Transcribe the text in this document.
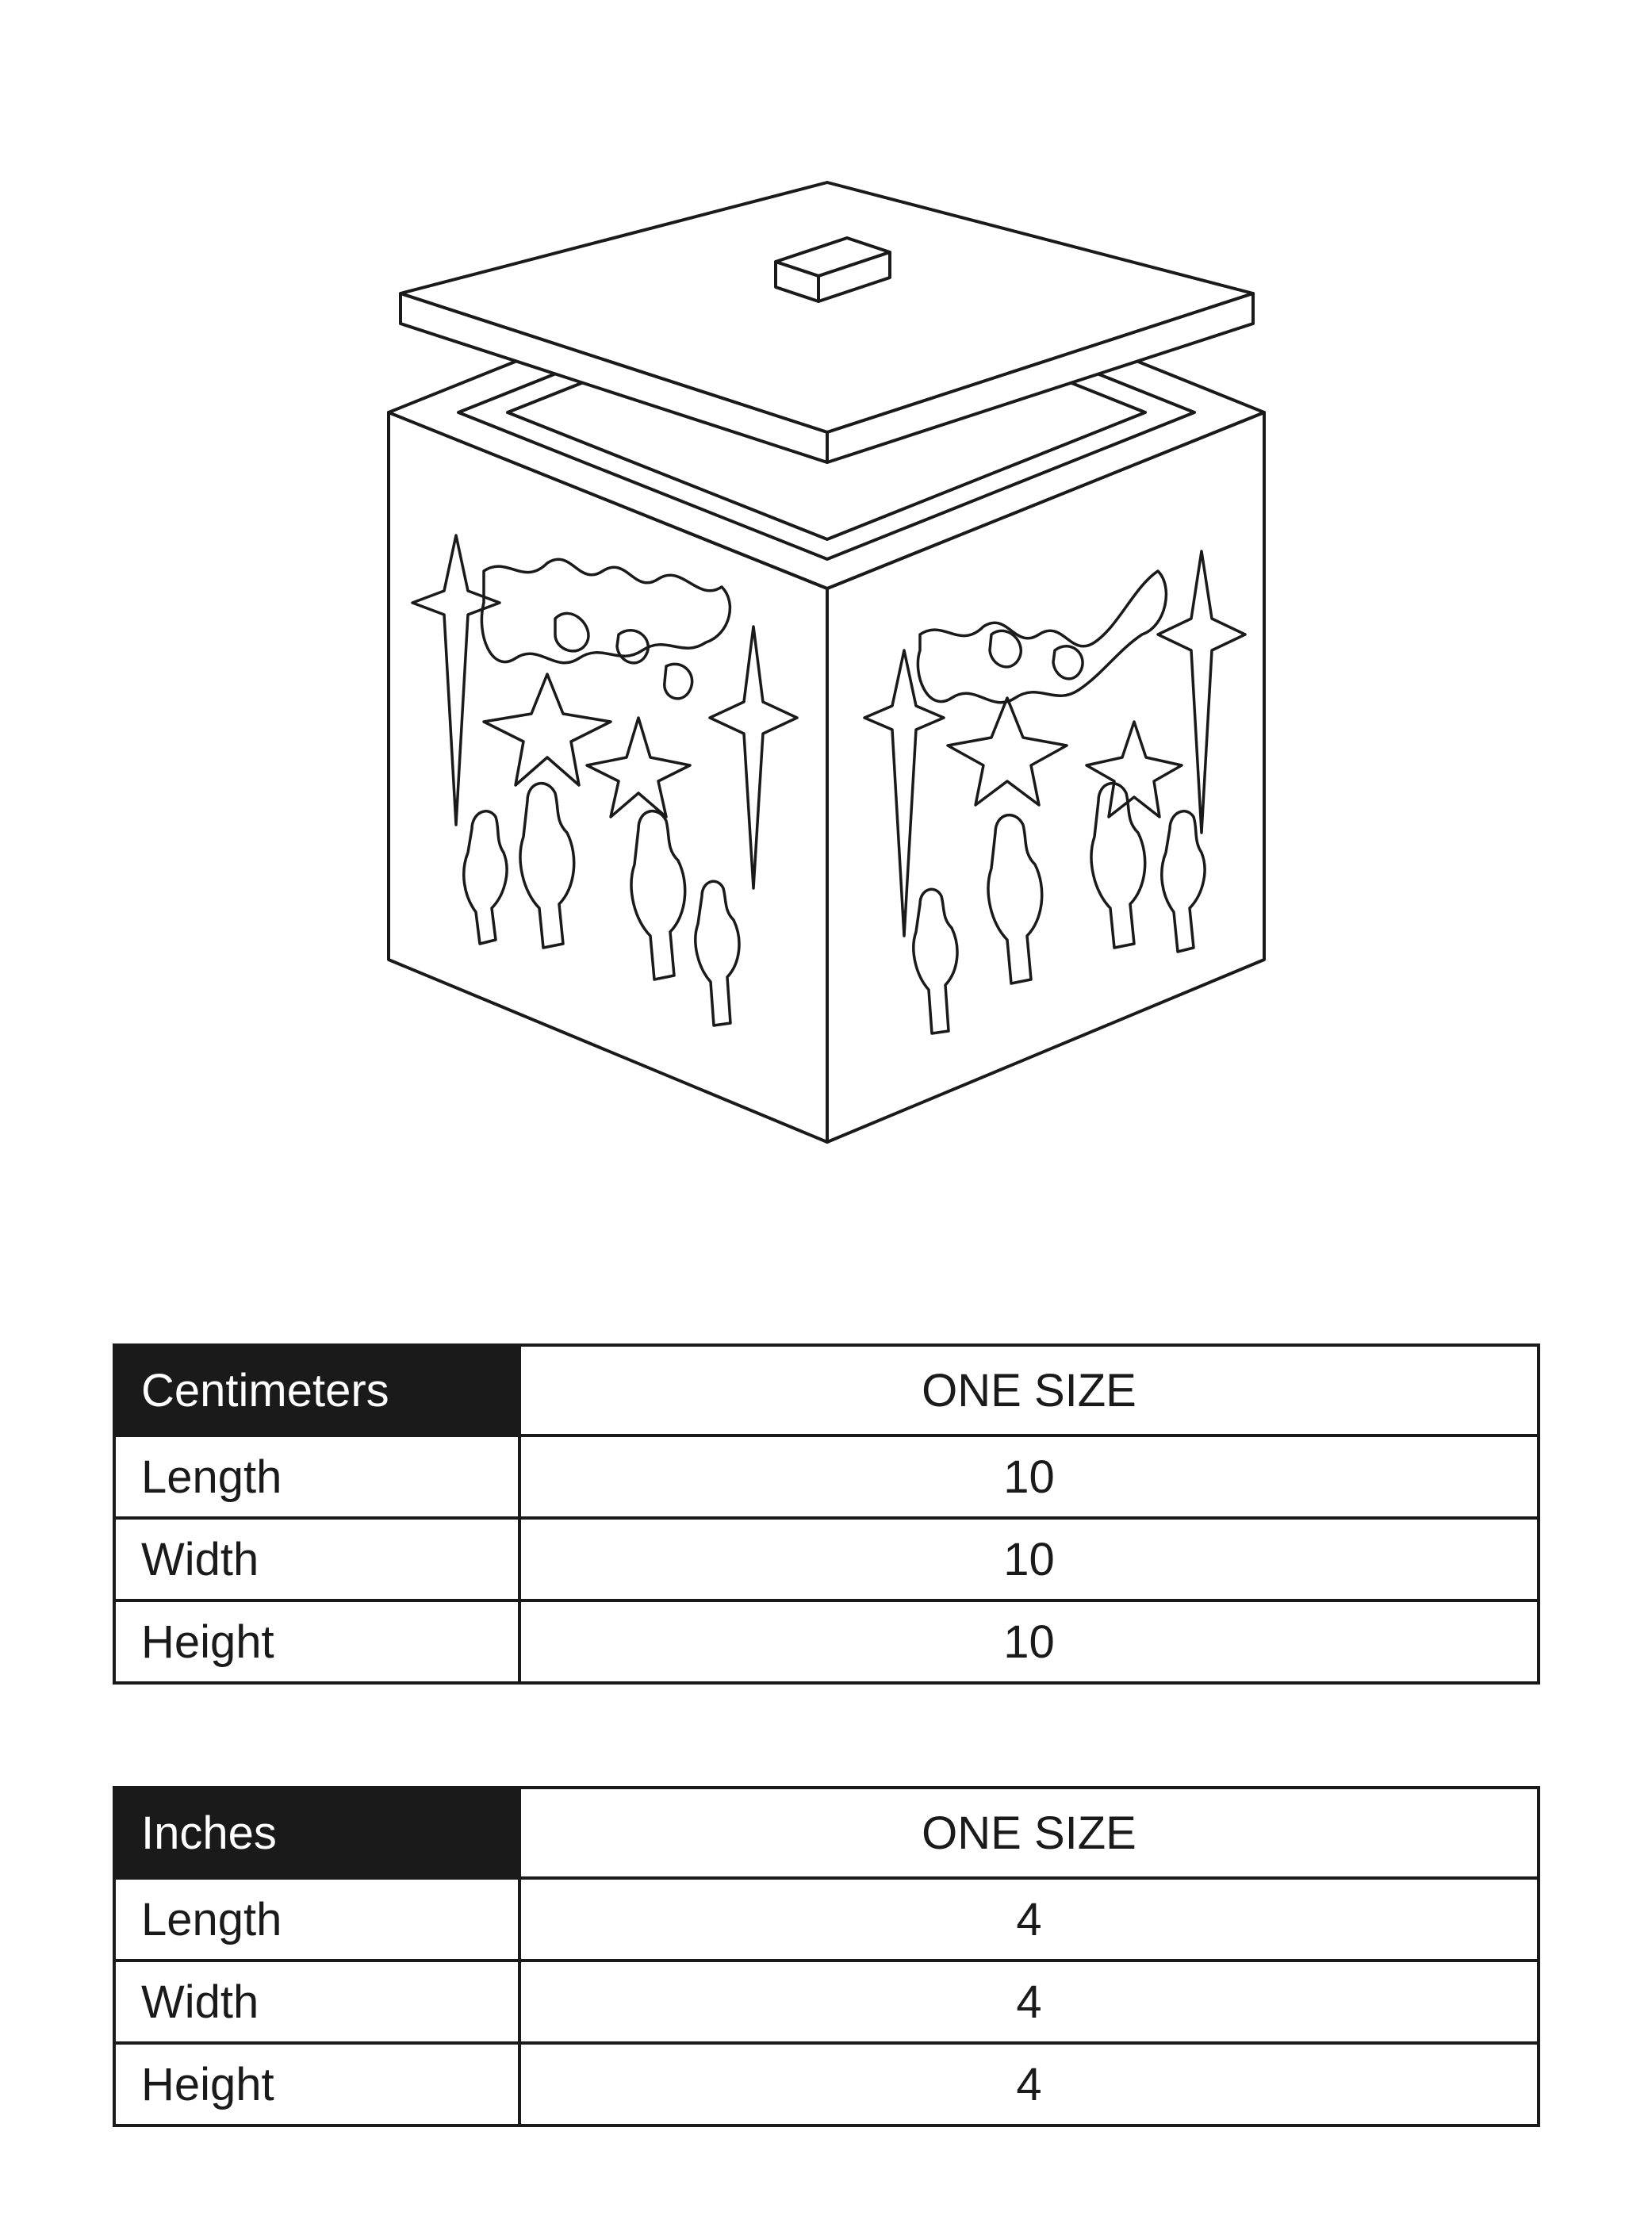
Centimeters	ONE SIZE
Length	10
Width	10
Height	10
Inches	ONE SIZE
Length	4
Width	4
Height	4
